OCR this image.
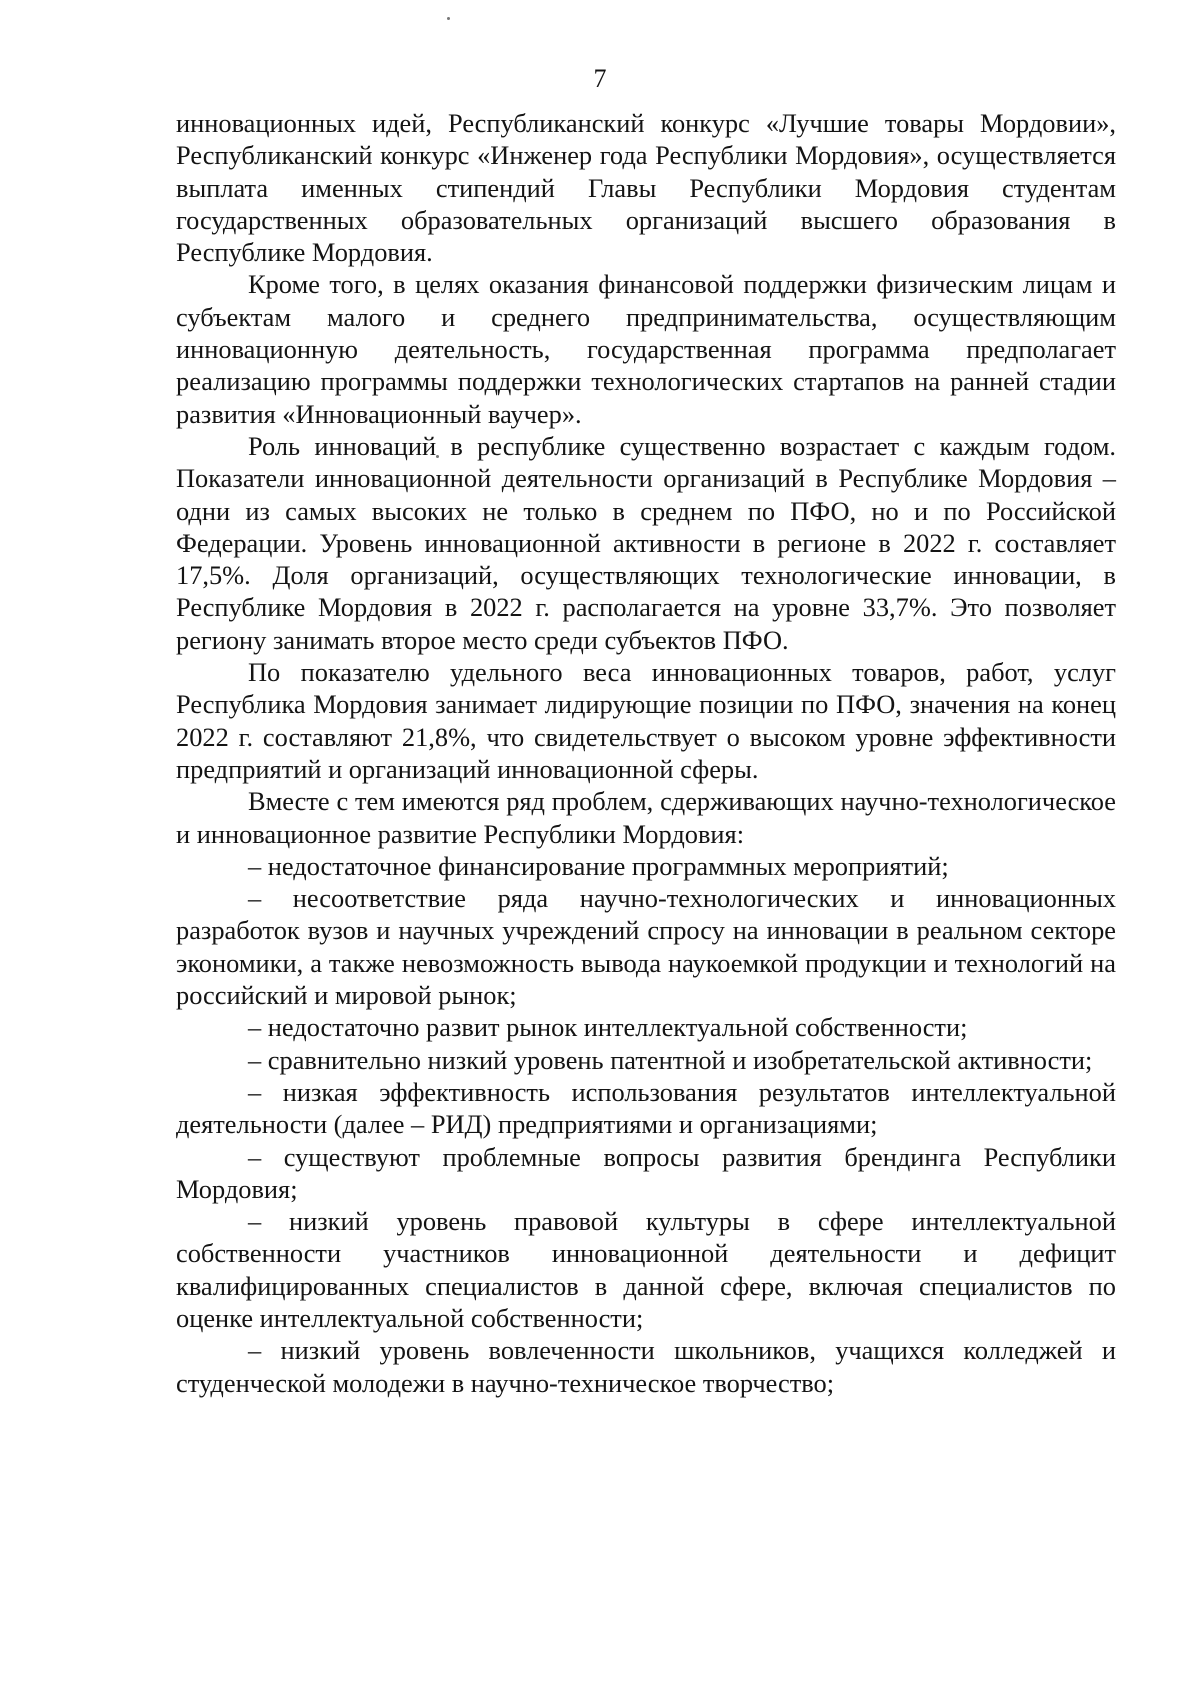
7

инновационных идей, Республиканский конкурс «Лучшие товары Мордовии», Республиканский конкурс «Инженер года Республики Мордовия», осуществляется выплата именных стипендий Главы Республики Мордовия студентам государственных образовательных организаций высшего образования в Республике Мордовия.

Кроме того, в целях оказания финансовой поддержки физическим лицам и субъектам малого и среднего предпринимательства, осуществляющим инновационную деятельность, государственная программа предполагает реализацию программы поддержки технологических стартапов на ранней стадии развития «Инновационный ваучер».

Роль инноваций в республике существенно возрастает с каждым годом. Показатели инновационной деятельности организаций в Республике Мордовия – одни из самых высоких не только в среднем по ПФО, но и по Российской Федерации. Уровень инновационной активности в регионе в 2022 г. составляет 17,5%. Доля организаций, осуществляющих технологические инновации, в Республике Мордовия в 2022 г. располагается на уровне 33,7%. Это позволяет региону занимать второе место среди субъектов ПФО.

По показателю удельного веса инновационных товаров, работ, услуг Республика Мордовия занимает лидирующие позиции по ПФО, значения на конец 2022 г. составляют 21,8%, что свидетельствует о высоком уровне эффективности предприятий и организаций инновационной сферы.

Вместе с тем имеются ряд проблем, сдерживающих научно-технологическое и инновационное развитие Республики Мордовия:

– недостаточное финансирование программных мероприятий;

– несоответствие ряда научно-технологических и инновационных разработок вузов и научных учреждений спросу на инновации в реальном секторе экономики, а также невозможность вывода наукоемкой продукции и технологий на российский и мировой рынок;

– недостаточно развит рынок интеллектуальной собственности;

– сравнительно низкий уровень патентной и изобретательской активности;

– низкая эффективность использования результатов интеллектуальной деятельности (далее – РИД) предприятиями и организациями;

– существуют проблемные вопросы развития брендинга Республики Мордовия;

– низкий уровень правовой культуры в сфере интеллектуальной собственности участников инновационной деятельности и дефицит квалифицированных специалистов в данной сфере, включая специалистов по оценке интеллектуальной собственности;

– низкий уровень вовлеченности школьников, учащихся колледжей и студенческой молодежи в научно-техническое творчество;
